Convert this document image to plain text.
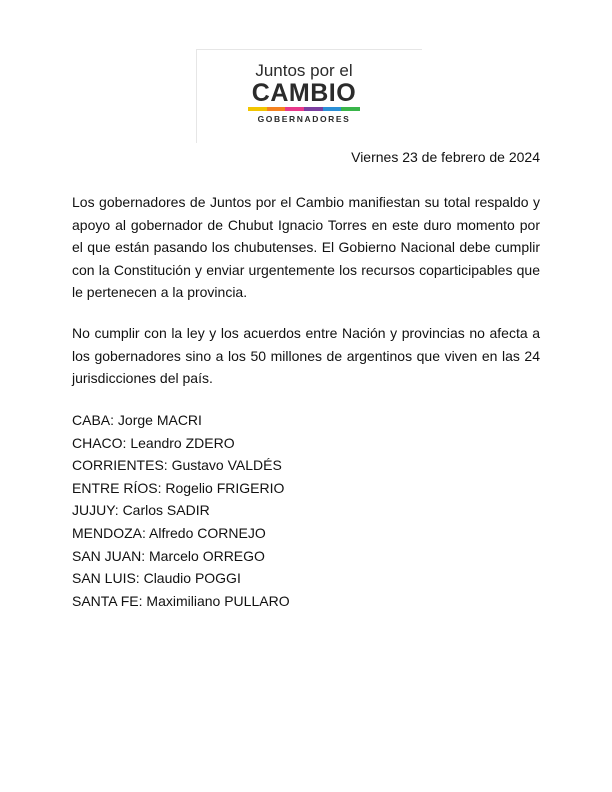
Juntos por el
CAMBIO
GOBERNADORES
Viernes 23 de febrero de 2024

Los gobernadores de Juntos por el Cambio manifiestan su total respaldo y apoyo al gobernador de Chubut Ignacio Torres en este duro momento por el que están pasando los chubutenses. El Gobierno Nacional debe cumplir con la Constitución y enviar urgentemente los recursos coparticipables que le pertenecen a la provincia.

No cumplir con la ley y los acuerdos entre Nación y provincias no afecta a los gobernadores sino a los 50 millones de argentinos que viven en las 24 jurisdicciones del país.

CABA: Jorge MACRI
CHACO: Leandro ZDERO
CORRIENTES: Gustavo VALDÉS
ENTRE RÍOS: Rogelio FRIGERIO
JUJUY: Carlos SADIR
MENDOZA: Alfredo CORNEJO
SAN JUAN: Marcelo ORREGO
SAN LUIS: Claudio POGGI
SANTA FE: Maximiliano PULLARO
